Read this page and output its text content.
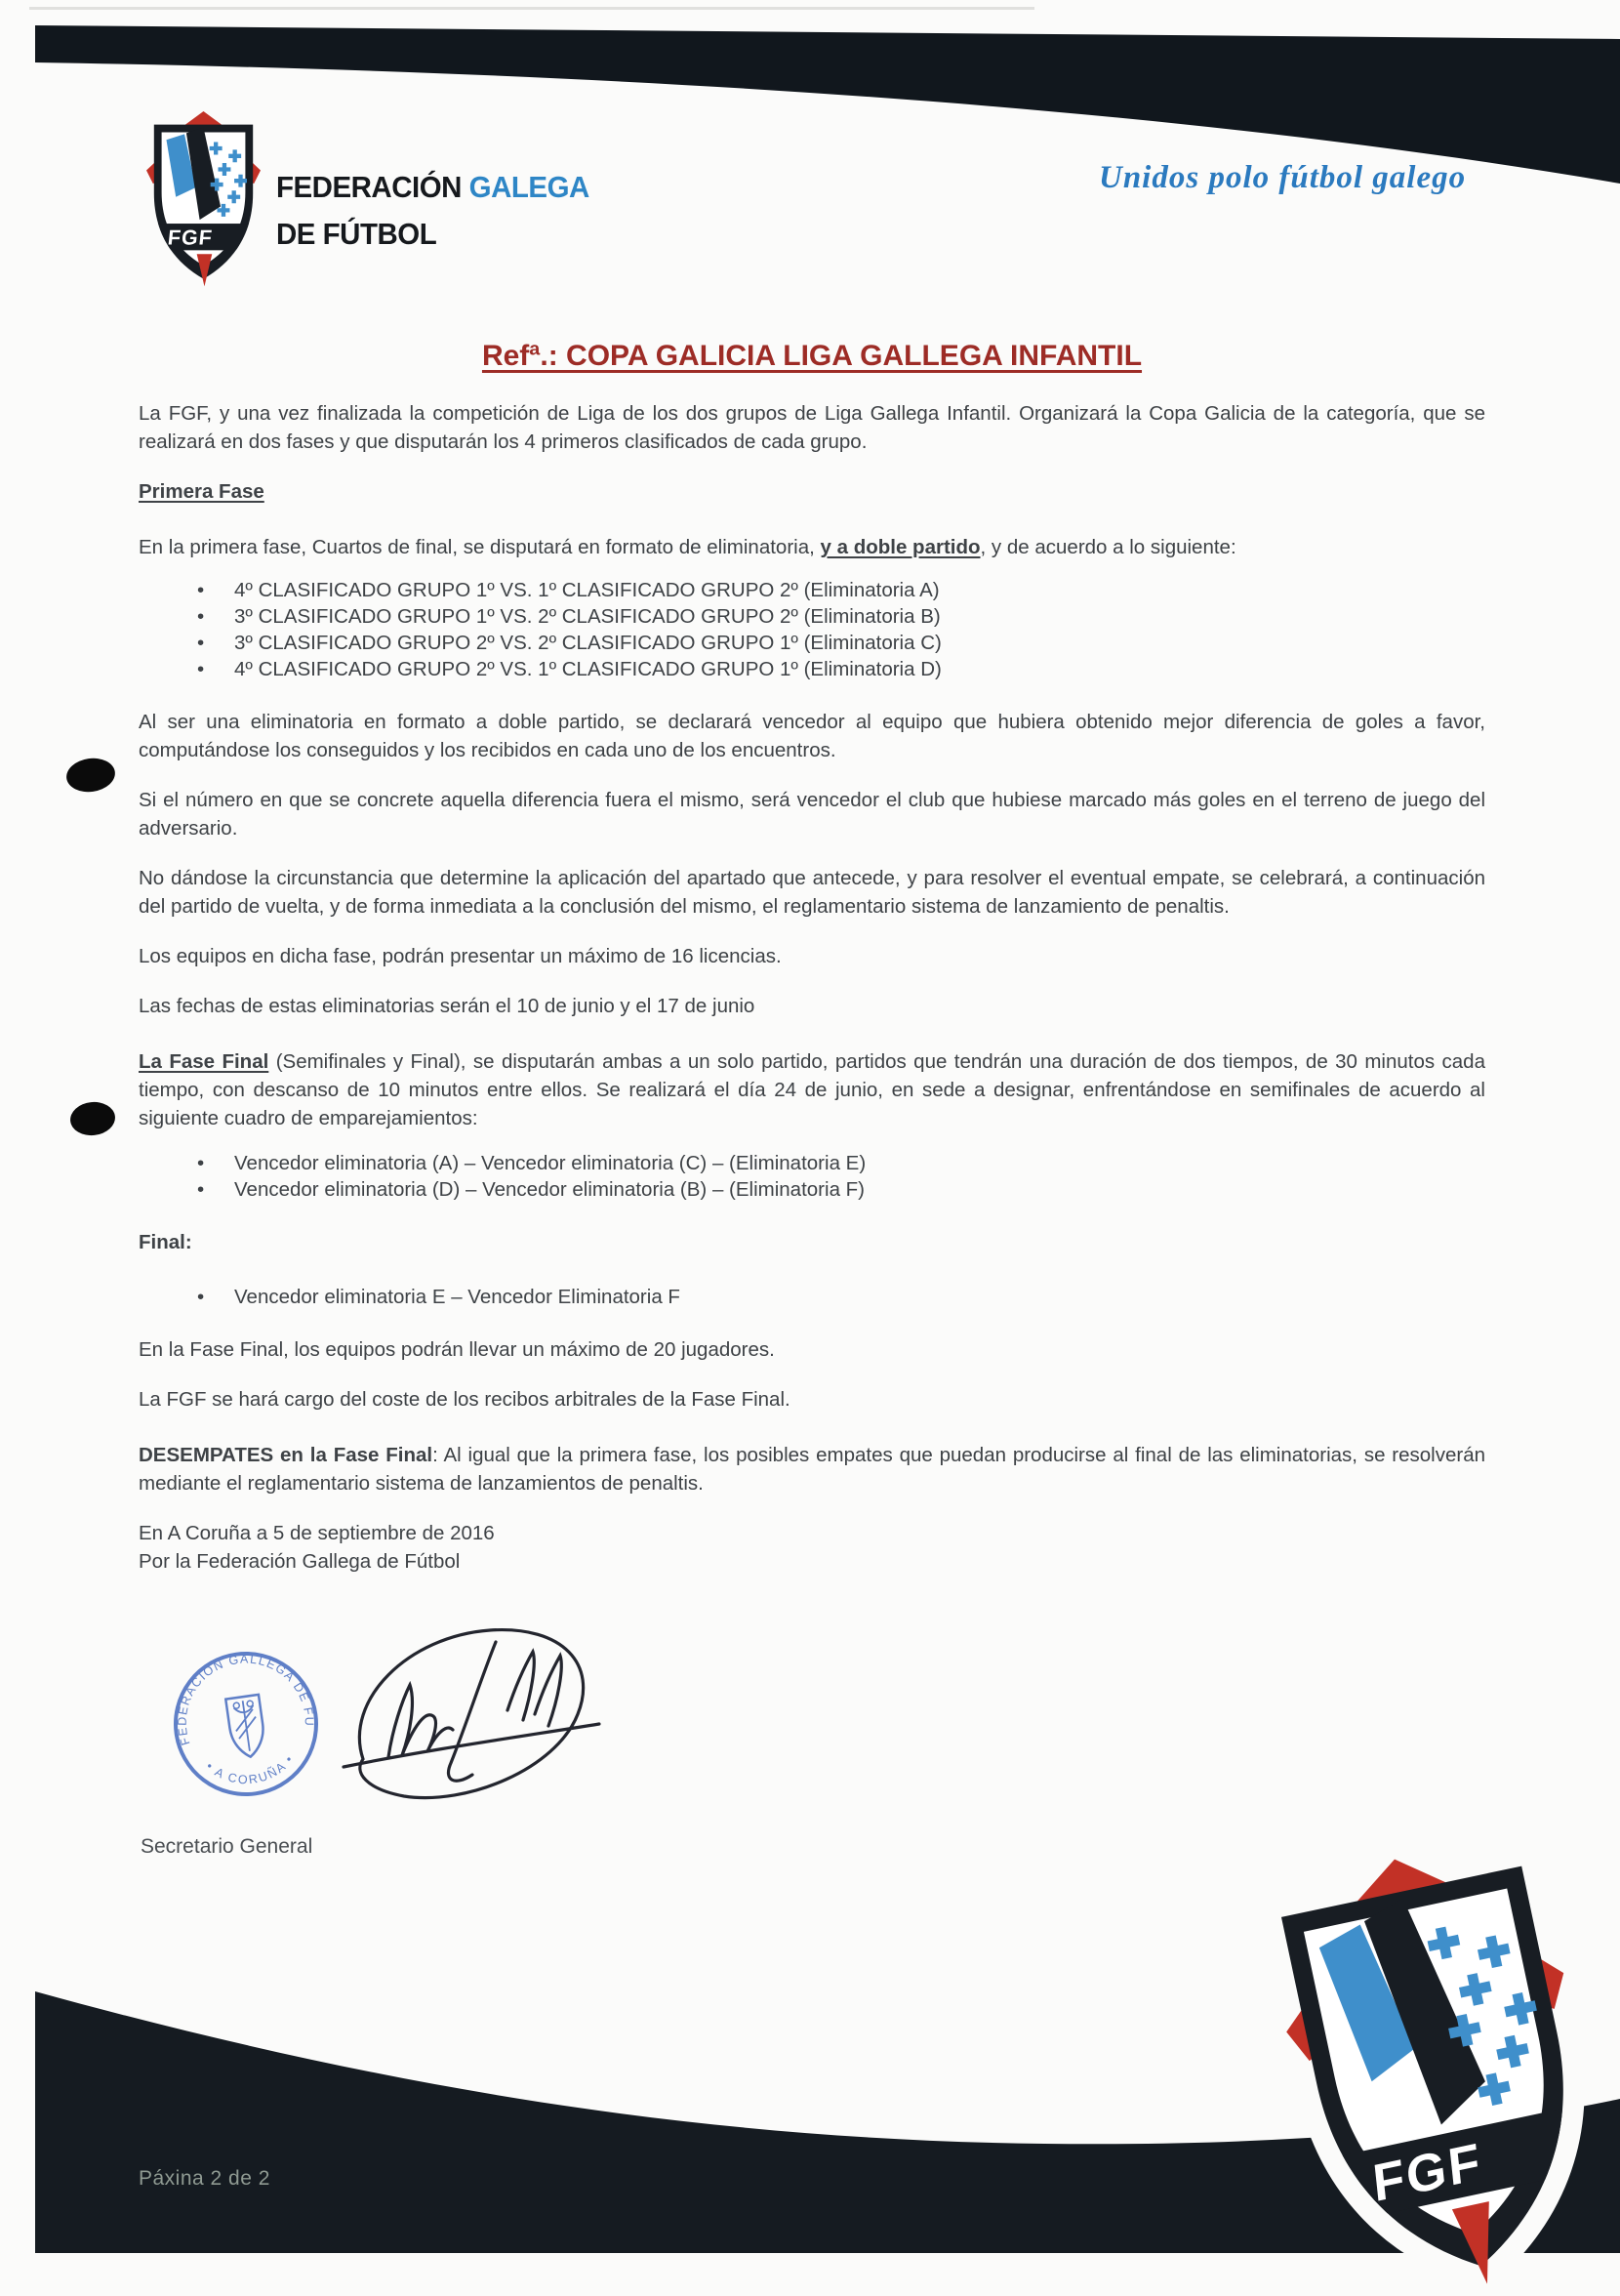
FGF
FEDERACION GALLEGA DE FUTBOL
• A CORUÑA •
FEDERACIÓN GALEGA
DE FÚTBOL
Unidos polo fútbol galego
Refª.: COPA GALICIA LIGA GALLEGA INFANTIL

La FGF, y una vez finalizada la competición de Liga de los dos grupos de Liga Gallega Infantil. Organizará la Copa Galicia de la categoría, que se realizará en dos fases y que disputarán los 4 primeros clasificados de cada grupo.

Primera Fase

En la primera fase, Cuartos de final, se disputará en formato de eliminatoria, y a doble partido, y de acuerdo a lo siguiente:

• 4º CLASIFICADO GRUPO 1º VS. 1º CLASIFICADO GRUPO 2º (Eliminatoria A)
• 3º CLASIFICADO GRUPO 1º VS. 2º CLASIFICADO GRUPO 2º (Eliminatoria B)
• 3º CLASIFICADO GRUPO 2º VS. 2º CLASIFICADO GRUPO 1º (Eliminatoria C)
• 4º CLASIFICADO GRUPO 2º VS. 1º CLASIFICADO GRUPO 1º (Eliminatoria D)

Al ser una eliminatoria en formato a doble partido, se declarará vencedor al equipo que hubiera obtenido mejor diferencia de goles a favor, computándose los conseguidos y los recibidos en cada uno de los encuentros.

Si el número en que se concrete aquella diferencia fuera el mismo, será vencedor el club que hubiese marcado más goles en el terreno de juego del adversario.

No dándose la circunstancia que determine la aplicación del apartado que antecede, y para resolver el eventual empate, se celebrará, a continuación del partido de vuelta, y de forma inmediata a la conclusión del mismo, el reglamentario sistema de lanzamiento de penaltis.

Los equipos en dicha fase, podrán presentar un máximo de 16 licencias.

Las fechas de estas eliminatorias serán el 10 de junio y el 17 de junio

La Fase Final (Semifinales y Final), se disputarán ambas a un solo partido, partidos que tendrán una duración de dos tiempos, de 30 minutos cada tiempo, con descanso de 10 minutos entre ellos. Se realizará el día 24 de junio, en sede a designar, enfrentándose en semifinales de acuerdo al siguiente cuadro de emparejamientos:

• Vencedor eliminatoria (A) – Vencedor eliminatoria (C) – (Eliminatoria E)
• Vencedor eliminatoria (D) – Vencedor eliminatoria (B) – (Eliminatoria F)
Final:
• Vencedor eliminatoria E – Vencedor Eliminatoria F

En la Fase Final, los equipos podrán llevar un máximo de 20 jugadores.

La FGF se hará cargo del coste de los recibos arbitrales de la Fase Final.

DESEMPATES en la Fase Final: Al igual que la primera fase, los posibles empates que puedan producirse al final de las eliminatorias, se resolverán mediante el reglamentario sistema de lanzamientos de penaltis.

En A Coruña a 5 de septiembre de 2016
Por la Federación Gallega de Fútbol

Secretario General
Páxina 2 de 2
